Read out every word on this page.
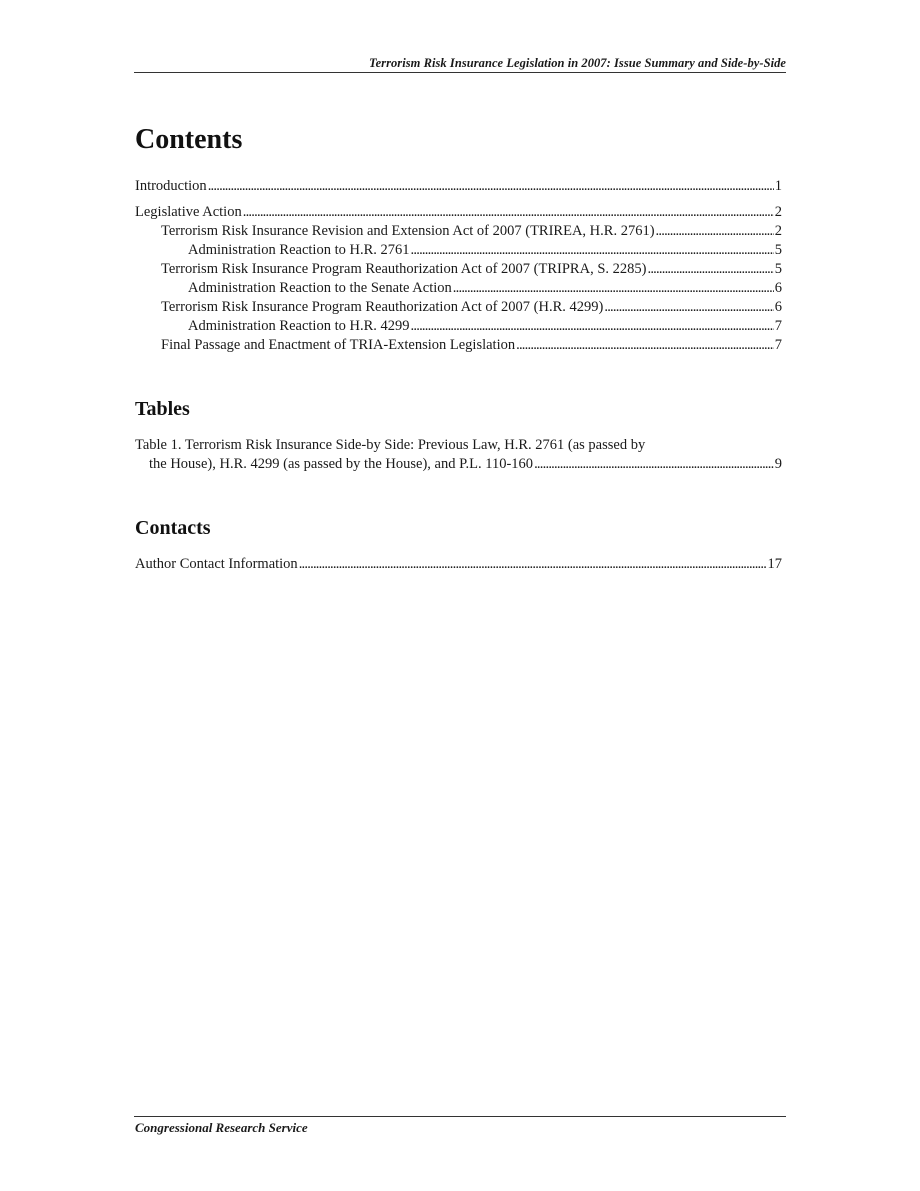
Terrorism Risk Insurance Legislation in 2007: Issue Summary and Side-by-Side
Contents
Introduction . . .	1
Legislative Action . . .	2
Terrorism Risk Insurance Revision and Extension Act of 2007 (TRIREA, H.R. 2761) . . .	2
Administration Reaction to H.R. 2761 . . .	5
Terrorism Risk Insurance Program Reauthorization Act of 2007 (TRIPRA, S. 2285) . . .	5
Administration Reaction to the Senate Action . . .	6
Terrorism Risk Insurance Program Reauthorization Act of 2007 (H.R. 4299) . . .	6
Administration Reaction to H.R. 4299 . . .	7
Final Passage and Enactment of TRIA-Extension Legislation . . .	7
Tables
Table 1. Terrorism Risk Insurance Side-by Side: Previous Law, H.R. 2761 (as passed by
the House), H.R. 4299 (as passed by the House), and P.L. 110-160 . . .	9
Contacts
Author Contact Information . . .	17
Congressional Research Service
